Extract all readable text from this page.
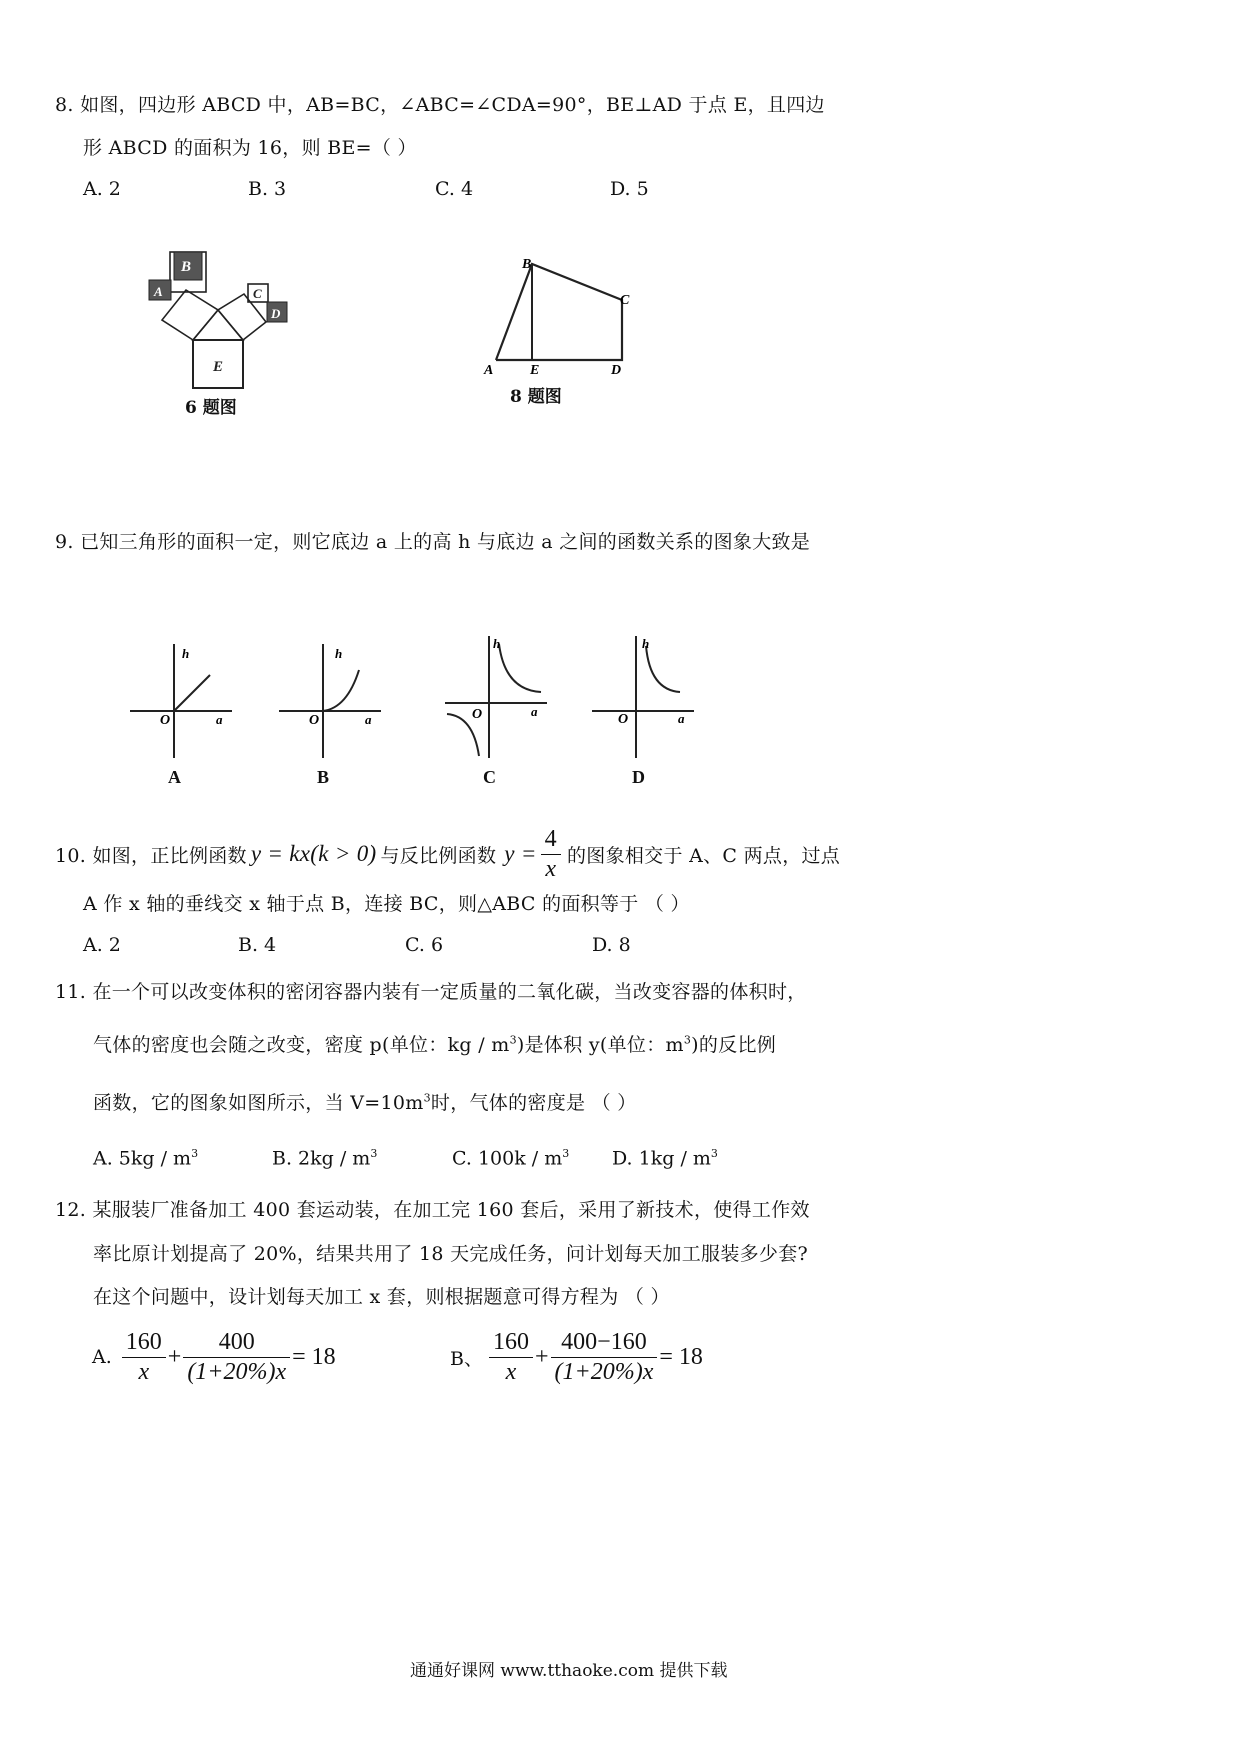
8. 如图，四边形 ABCD 中，AB=BC，∠ABC=∠CDA=90°，BE⊥AD 于点 E，且四边
形 ABCD 的面积为 16，则 BE=（ ）
A. 2	B. 3	C. 4	D. 5
B
A	C
D
E
6 题图
B
C
A	E	D
8 题图
9. 已知三角形的面积一定，则它底边 a 上的高 h 与底边 a 之间的函数关系的图象大致是
h
O	a
A
h
O	a
B
h
O	a
C
h
O	a
D
10. 如图，正比例函数 y = kx(k > 0) 与反比例函数 $y = \frac{4}{x}$ 的图象相交于 A、C 两点，过点
A 作 x 轴的垂线交 x 轴于点 B，连接 BC，则△ABC 的面积等于 （ ）
A. 2	B. 4	C. 6	D. 8
11. 在一个可以改变体积的密闭容器内装有一定质量的二氧化碳，当改变容器的体积时，
气体的密度也会随之改变，密度 p(单位：kg / $m^3$)是体积 y(单位：$m^3$)的反比例
函数，它的图象如图所示，当 $V=10m^3$时，气体的密度是 （ ）
A. $5kg / m^3$	B. $2kg / m^3$	C. $100k / m^3$ D. $1kg / m^3$
12. 某服装厂准备加工 400 套运动装，在加工完 160 套后，采用了新技术，使得工作效
率比原计划提高了 20%，结果共用了 18 天完成任务，问计划每天加工服装多少套?
在这个问题中，设计划每天加工 x 套，则根据题意可得方程为 （ ）
A. $\frac{160}{x} + \frac{400}{(1+20\%)x} = 18$	B、 $\frac{160}{x} + \frac{400-160}{(1+20\%)x} = 18$
通通好课网 www.tthaoke.com 提供下载
